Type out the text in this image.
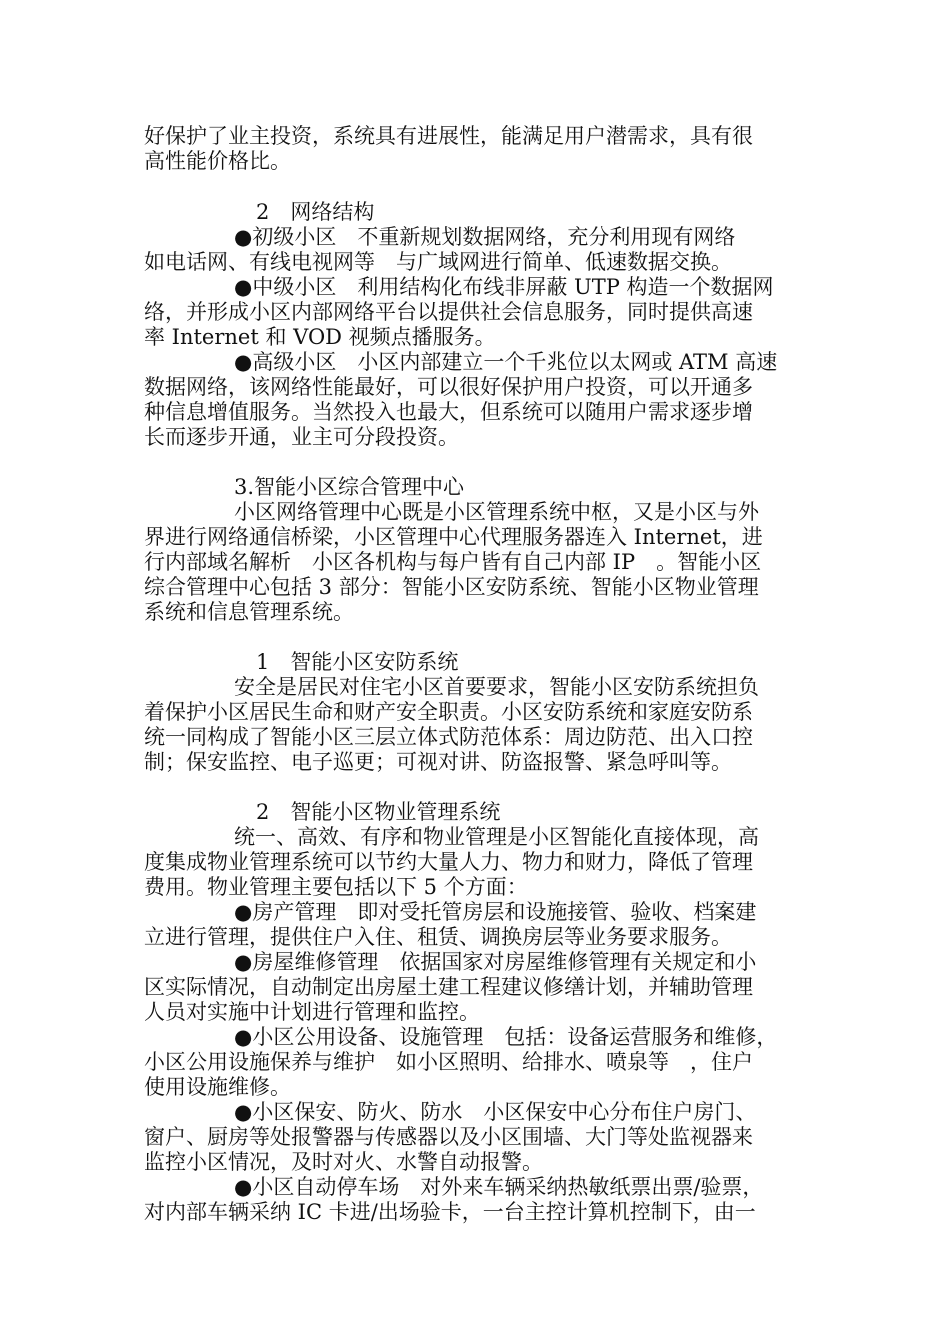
好保护了业主投资，系统具有进展性，能满足用户潜需求，具有很
高性能价格比。
2　网络结构
●初级小区　不重新规划数据网络，充分利用现有网络
如电话网、有线电视网等　与广域网进行简单、低速数据交换。
●中级小区　利用结构化布线非屏蔽 UTP 构造一个数据网
络，并形成小区内部网络平台以提供社会信息服务，同时提供高速
率 Internet 和 VOD 视频点播服务。
●高级小区　小区内部建立一个千兆位以太网或 ATM 高速
数据网络，该网络性能最好，可以很好保护用户投资，可以开通多
种信息增值服务。当然投入也最大，但系统可以随用户需求逐步增
长而逐步开通，业主可分段投资。
3.智能小区综合管理中心
小区网络管理中心既是小区管理系统中枢，又是小区与外
界进行网络通信桥梁，小区管理中心代理服务器连入 Internet，进
行内部域名解析　小区各机构与每户皆有自己内部 IP　。智能小区
综合管理中心包括 3 部分：智能小区安防系统、智能小区物业管理
系统和信息管理系统。
1　智能小区安防系统
安全是居民对住宅小区首要要求，智能小区安防系统担负
着保护小区居民生命和财产安全职责。小区安防系统和家庭安防系
统一同构成了智能小区三层立体式防范体系：周边防范、出入口控
制；保安监控、电子巡更；可视对讲、防盗报警、紧急呼叫等。
2　智能小区物业管理系统
统一、高效、有序和物业管理是小区智能化直接体现，高
度集成物业管理系统可以节约大量人力、物力和财力，降低了管理
费用。物业管理主要包括以下 5 个方面：
●房产管理　即对受托管房层和设施接管、验收、档案建
立进行管理，提供住户入住、租赁、调换房层等业务要求服务。
●房屋维修管理　依据国家对房屋维修管理有关规定和小
区实际情况，自动制定出房屋土建工程建议修缮计划，并辅助管理
人员对实施中计划进行管理和监控。
●小区公用设备、设施管理　包括：设备运营服务和维修，
小区公用设施保养与维护　如小区照明、给排水、喷泉等　，住户
使用设施维修。
●小区保安、防火、防水　小区保安中心分布住户房门、
窗户、厨房等处报警器与传感器以及小区围墙、大门等处监视器来
监控小区情况，及时对火、水警自动报警。
●小区自动停车场　对外来车辆采纳热敏纸票出票/验票，
对内部车辆采纳 IC 卡进/出场验卡，一台主控计算机控制下，由一
